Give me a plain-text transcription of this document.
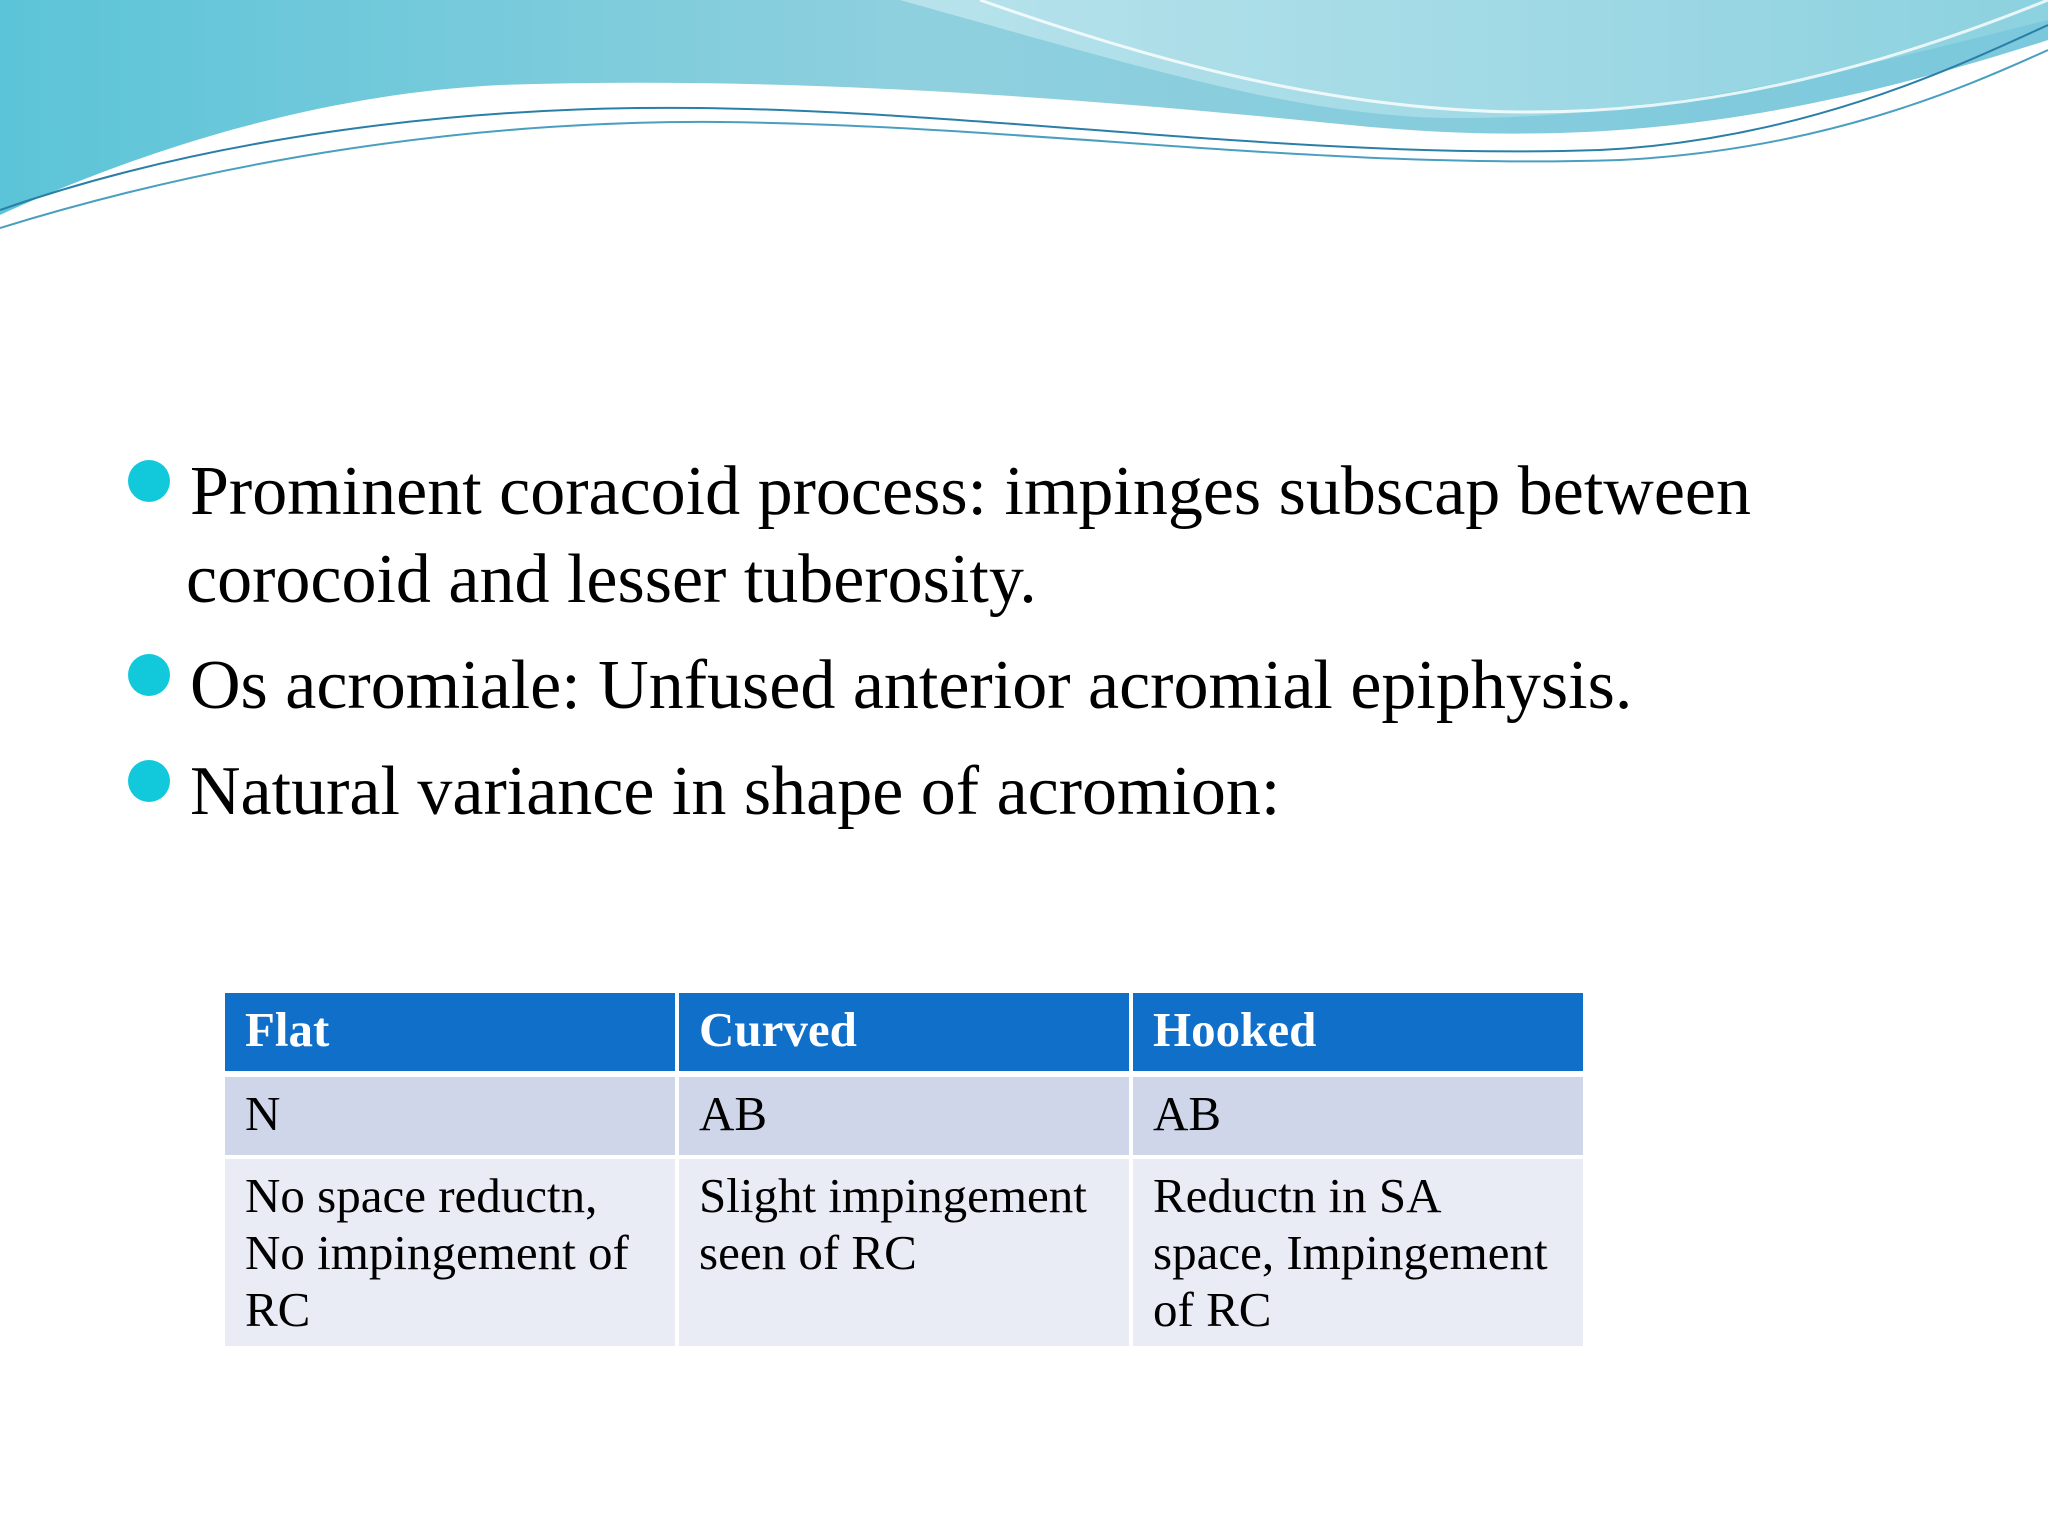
Prominent coracoid process: impinges subscap between corocoid and lesser tuberosity.
Os acromiale: Unfused anterior acromial epiphysis.
Natural variance in shape of acromion:
Flat	Curved	Hooked
N	AB	AB
No space reductn, No impingement of RC	Slight impingement seen of RC	Reductn in SA space, Impingement of RC
